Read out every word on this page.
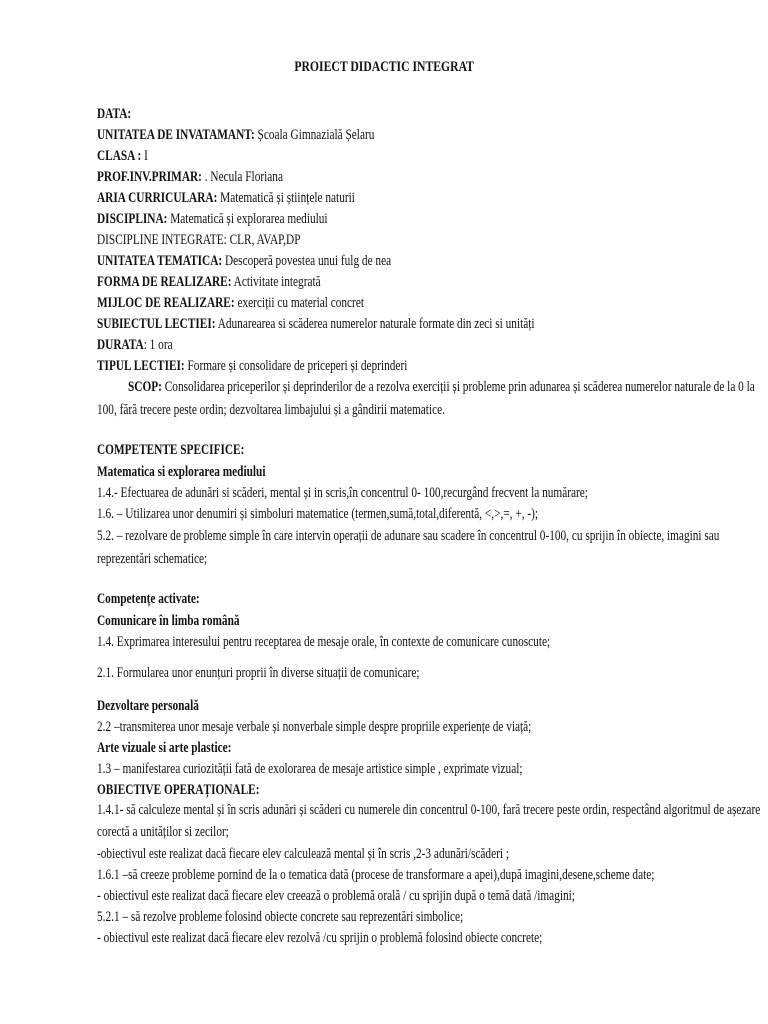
PROIECT DIDACTIC INTEGRAT
DATA:
UNITATEA DE INVATAMANT: Școala Gimnazială Șelaru
CLASA : I
PROF.INV.PRIMAR: . Necula Floriana
ARIA CURRICULARA: Matematică și științele naturii
DISCIPLINA: Matematică și explorarea mediului
DISCIPLINE INTEGRATE: CLR, AVAP,DP
UNITATEA TEMATICA: Descoperă povestea unui fulg de nea
FORMA DE REALIZARE: Activitate integrată
MIJLOC DE REALIZARE: exerciții cu material concret
SUBIECTUL LECTIEI: Adunarearea si scăderea numerelor naturale formate din zeci si unități
DURATA: 1 ora
TIPUL LECTIEI: Formare și consolidare de priceperi și deprinderi
SCOP: Consolidarea priceperilor și deprinderilor de a rezolva exerciții și probleme prin adunarea și scăderea numerelor naturale de la 0 la
100, fără trecere peste ordin; dezvoltarea limbajului și a gândirii matematice.
COMPETENTE SPECIFICE:
Matematica si explorarea mediului
1.4.- Efectuarea de adunări si scăderi, mental și in scris,în concentrul 0- 100,recurgând frecvent la numărare;
1.6. – Utilizarea unor denumiri și simboluri matematice (termen,sumă,total,diferentă, <,>,=, +, -);
5.2. – rezolvare de probleme simple în care intervin operații de adunare sau scadere în concentrul 0-100, cu sprijin în obiecte, imagini sau
reprezentări schematice;
Competențe activate:
Comunicare în limba română
1.4. Exprimarea interesului pentru receptarea de mesaje orale, în contexte de comunicare cunoscute;
2.1. Formularea unor enunțuri proprii în diverse situații de comunicare;
Dezvoltare personală
2.2 –transmiterea unor mesaje verbale și nonverbale simple despre propriile experiențe de viață;
Arte vizuale si arte plastice:
1.3 – manifestarea curiozității fată de exolorarea de mesaje artistice simple , exprimate vizual;
OBIECTIVE OPERAȚIONALE:
1.4.1- să calculeze mental și în scris adunări și scăderi cu numerele din concentrul 0-100, fară trecere peste ordin, respectând algoritmul de așezare
corectă a unităților si zecilor;
-obiectivul este realizat dacă fiecare elev calculează mental și în scris ,2-3 adunări/scăderi ;
1.6.1 –să creeze probleme pornind de la o tematica dată (procese de transformare a apei),după imagini,desene,scheme date;
- obiectivul este realizat dacă fiecare elev creează o problemă orală / cu sprijin după o temă dată /imagini;
5.2.1 – să rezolve probleme folosind obiecte concrete sau reprezentări simbolice;
- obiectivul este realizat dacă fiecare elev rezolvă /cu sprijin o problemă folosind obiecte concrete;
